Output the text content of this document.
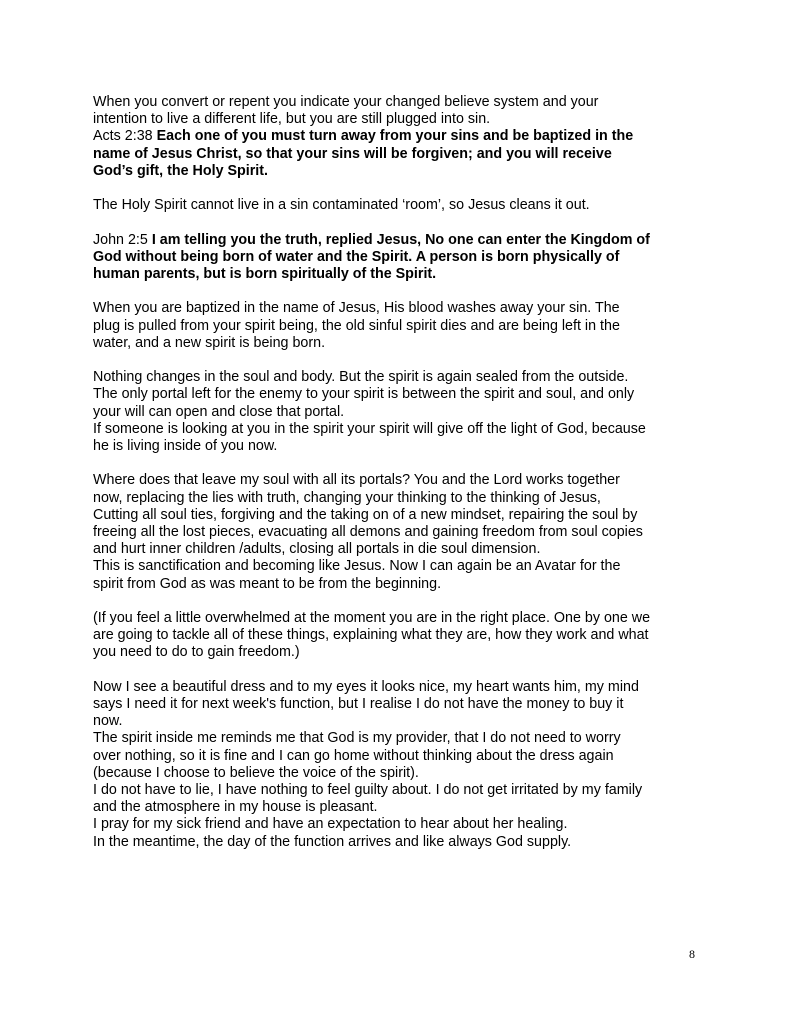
When you convert or repent you indicate your changed believe system and your
intention to live a different life, but you are still plugged into sin.
Acts 2:38 Each one of you must turn away from your sins and be baptized in the
name of Jesus Christ, so that your sins will be forgiven; and you will receive
God’s gift, the Holy Spirit.
The Holy Spirit cannot live in a sin contaminated ‘room’, so Jesus cleans it out.
John 2:5 I am telling you the truth, replied Jesus, No one can enter the Kingdom of
God without being born of water and the Spirit. A person is born physically of
human parents, but is born spiritually of the Spirit.
When you are baptized in the name of Jesus, His blood washes away your sin. The
plug is pulled from your spirit being, the old sinful spirit dies and are being left in the
water, and a new spirit is being born.
Nothing changes in the soul and body. But the spirit is again sealed from the outside.
The only portal left for the enemy to your spirit is between the spirit and soul, and only
your will can open and close that portal.
If someone is looking at you in the spirit your spirit will give off the light of God, because
he is living inside of you now.
Where does that leave my soul with all its portals? You and the Lord works together
now, replacing the lies with truth, changing your thinking to the thinking of Jesus,
Cutting all soul ties, forgiving and the taking on of a new mindset, repairing the soul by
freeing all the lost pieces, evacuating all demons and gaining freedom from soul copies
and hurt inner children /adults, closing all portals in die soul dimension.
This is sanctification and becoming like Jesus. Now I can again be an Avatar for the
spirit from God as was meant to be from the beginning.
(If you feel a little overwhelmed at the moment you are in the right place. One by one we
are going to tackle all of these things, explaining what they are, how they work and what
you need to do to gain freedom.)
Now I see a beautiful dress and to my eyes it looks nice, my heart wants him, my mind
says I need it for next week's function, but I realise I do not have the money to buy it
now.
The spirit inside me reminds me that God is my provider, that I do not need to worry
over nothing, so it is fine and I can go home without thinking about the dress again
(because I choose to believe the voice of the spirit).
I do not have to lie, I have nothing to feel guilty about. I do not get irritated by my family
and the atmosphere in my house is pleasant.
I pray for my sick friend and have an expectation to hear about her healing.
In the meantime, the day of the function arrives and like always God supply.
8
